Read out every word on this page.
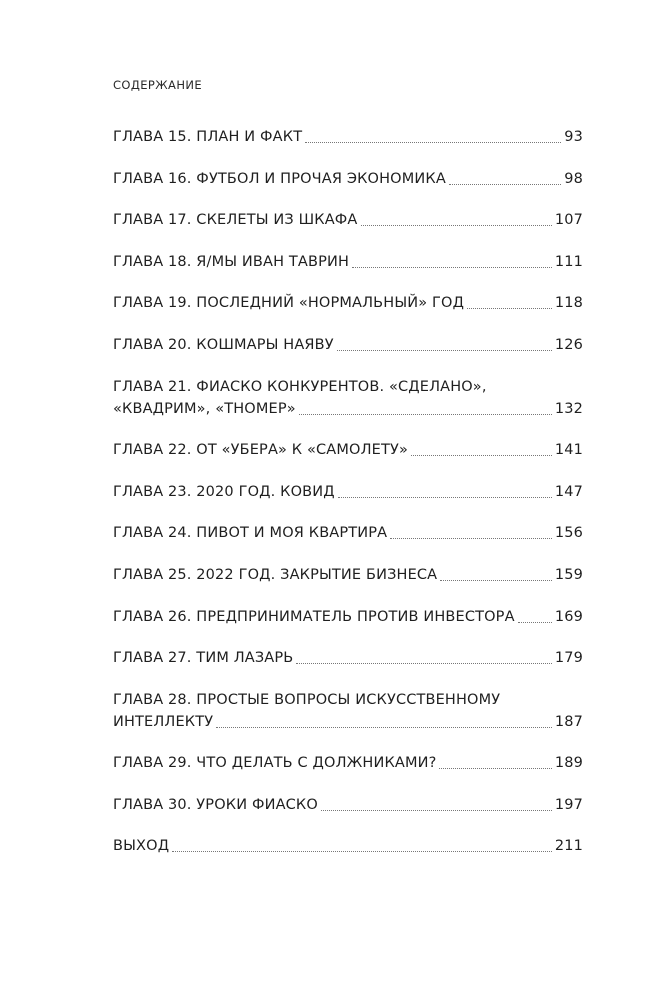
СОДЕРЖАНИЕ
ГЛАВА 15. ПЛАН И ФАКТ	93
ГЛАВА 16. ФУТБОЛ И ПРОЧАЯ ЭКОНОМИКА	98
ГЛАВА 17. СКЕЛЕТЫ ИЗ ШКАФА	107
ГЛАВА 18. Я/МЫ ИВАН ТАВРИН	111
ГЛАВА 19. ПОСЛЕДНИЙ «НОРМАЛЬНЫЙ» ГОД	118
ГЛАВА 20. КОШМАРЫ НАЯВУ	126
ГЛАВА 21. ФИАСКО КОНКУРЕНТОВ. «СДЕЛАНО»,
«КВАДРИМ», «ТНОМЕР»	132
ГЛАВА 22. ОТ «УБЕРА» К «САМОЛЕТУ»	141
ГЛАВА 23. 2020 ГОД. КОВИД	147
ГЛАВА 24. ПИВОТ И МОЯ КВАРТИРА	156
ГЛАВА 25. 2022 ГОД. ЗАКРЫТИЕ БИЗНЕСА	159
ГЛАВА 26. ПРЕДПРИНИМАТЕЛЬ ПРОТИВ ИНВЕСТОРА	169
ГЛАВА 27. ТИМ ЛАЗАРЬ	179
ГЛАВА 28. ПРОСТЫЕ ВОПРОСЫ ИСКУССТВЕННОМУ
ИНТЕЛЛЕКТУ	187
ГЛАВА 29. ЧТО ДЕЛАТЬ С ДОЛЖНИКАМИ?	189
ГЛАВА 30. УРОКИ ФИАСКО	197
ВЫХОД	211
